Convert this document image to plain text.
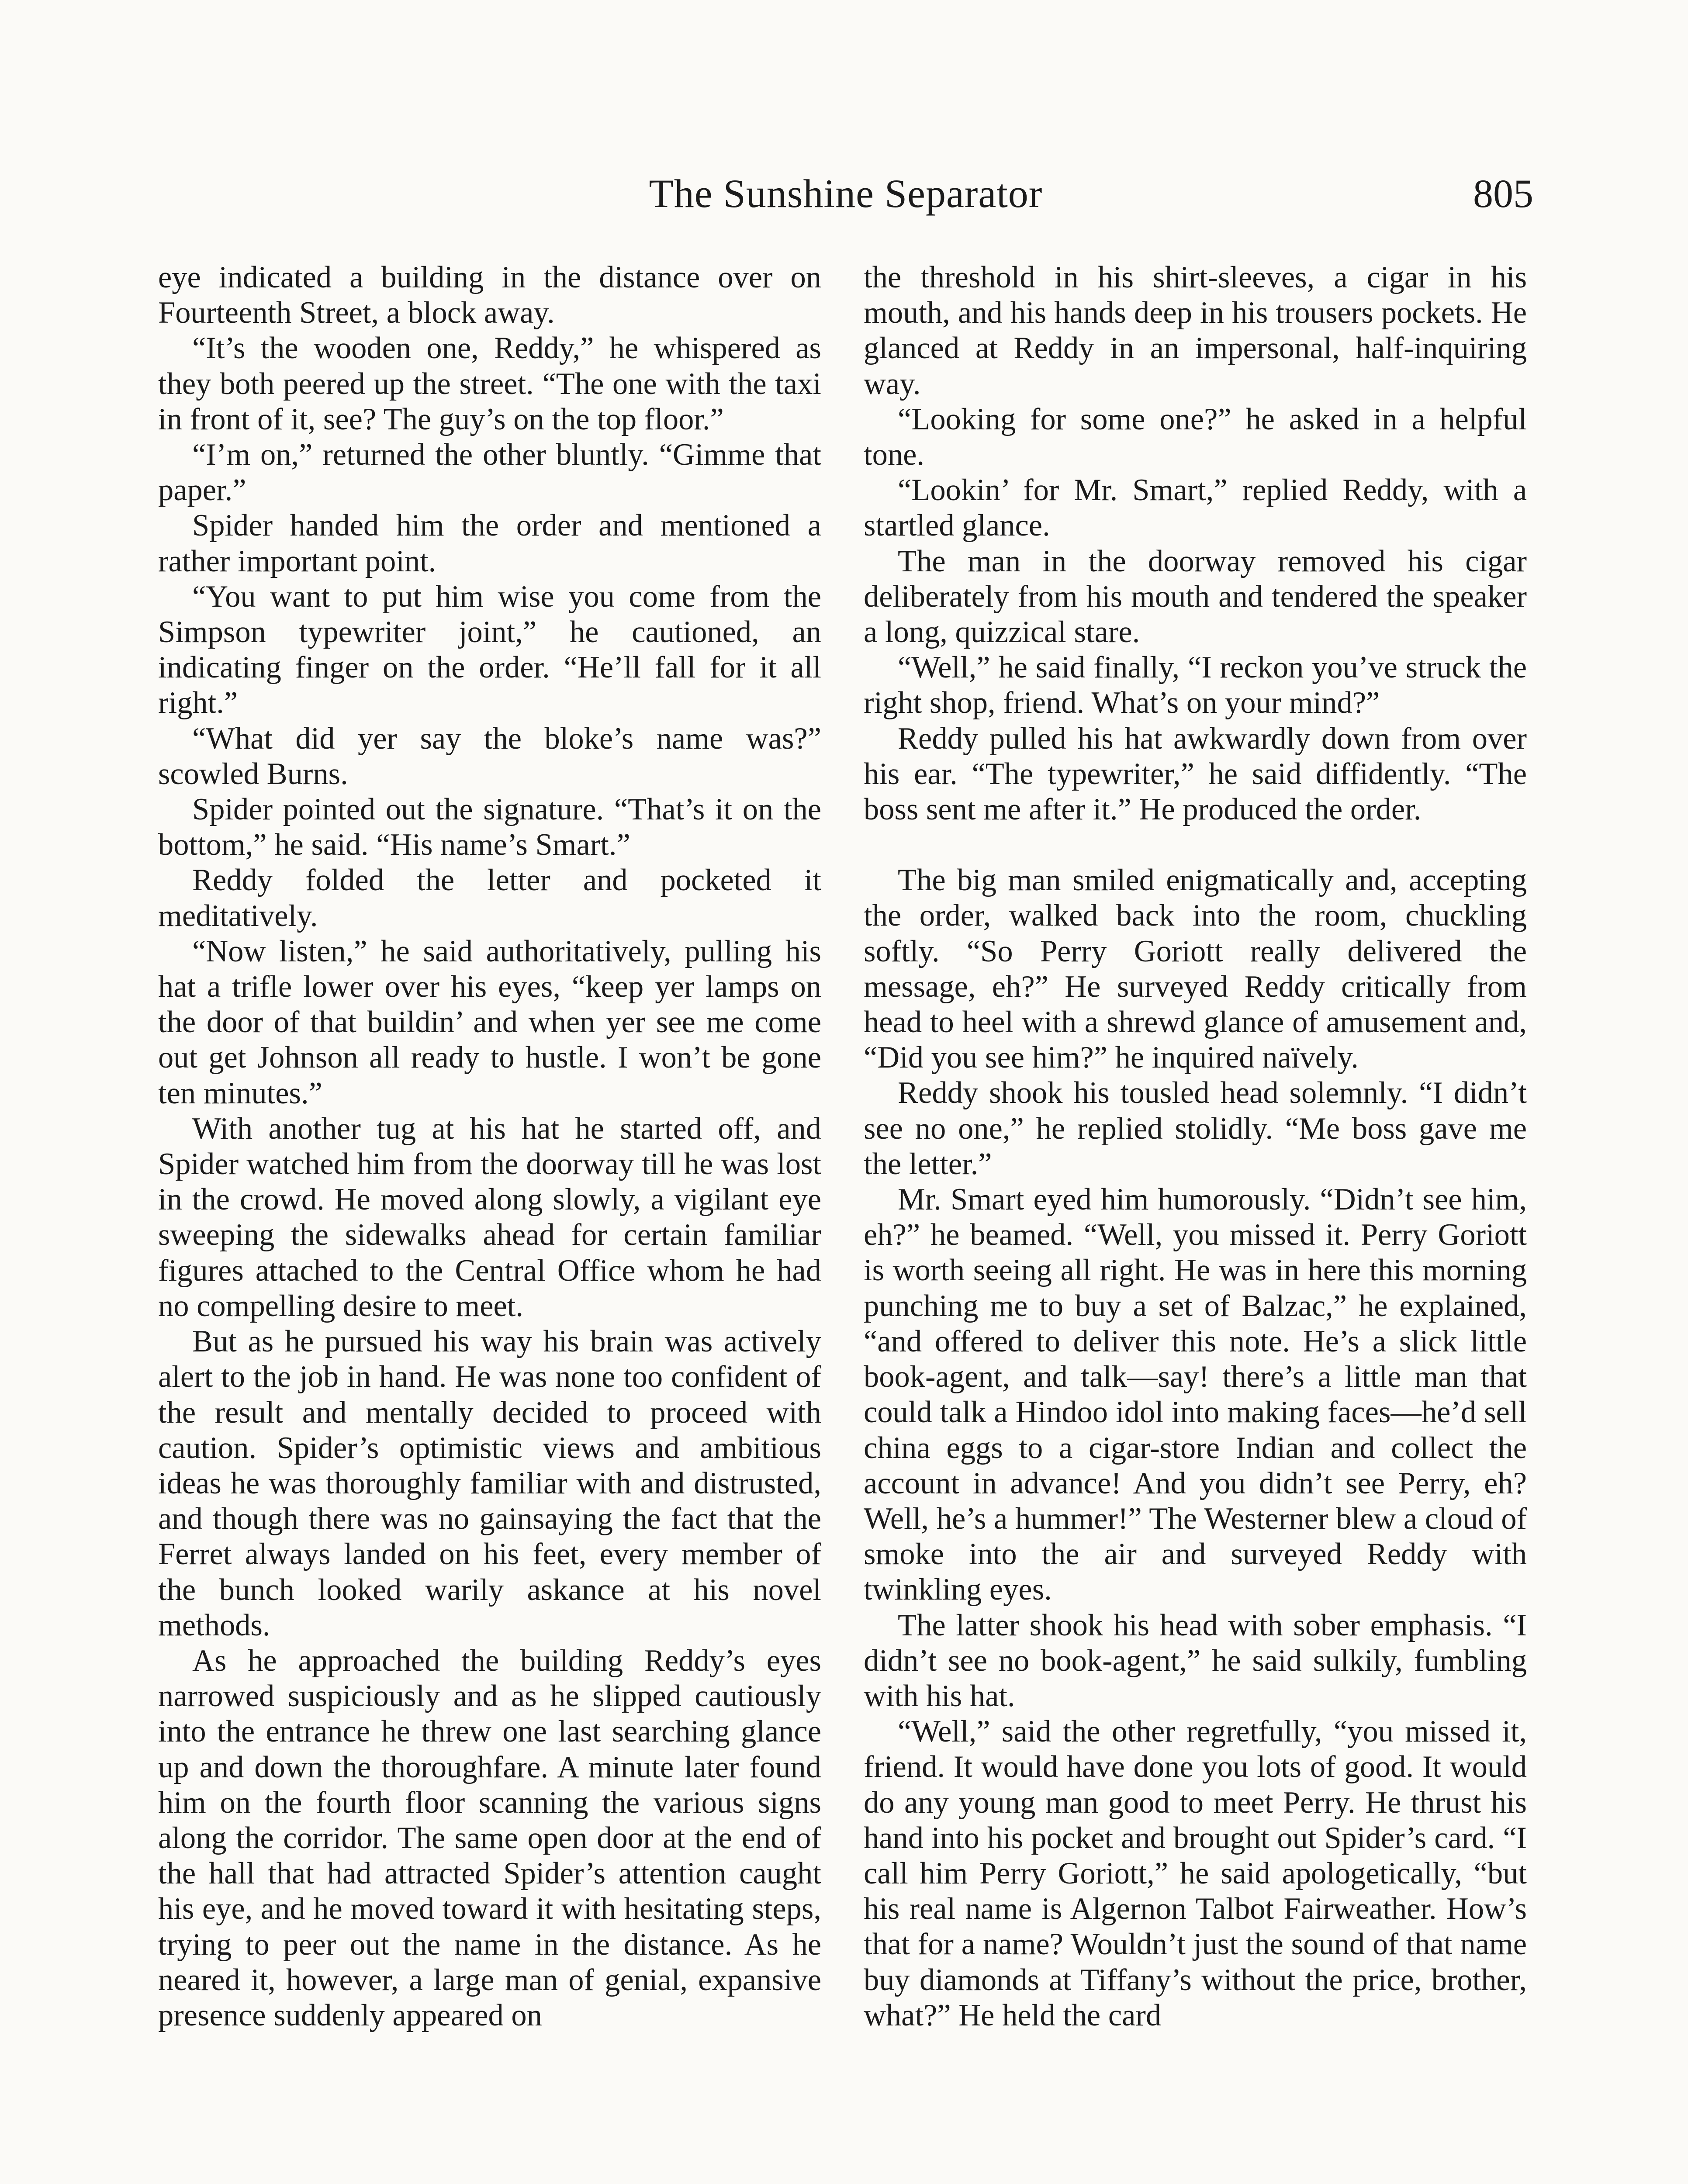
The Sunshine Separator	805

eye indicated a building in the distance over on Fourteenth Street, a block away.

“It’s the wooden one, Reddy,” he whispered as they both peered up the street. “The one with the taxi in front of it, see? The guy’s on the top floor.”

“I’m on,” returned the other bluntly. “Gimme that paper.”

Spider handed him the order and mentioned a rather important point.

“You want to put him wise you come from the Simpson typewriter joint,” he cautioned, an indicating finger on the order. “He’ll fall for it all right.”

“What did yer say the bloke’s name was?” scowled Burns.

Spider pointed out the signature. “That’s it on the bottom,” he said. “His name’s Smart.”

Reddy folded the letter and pocketed it meditatively.

“Now listen,” he said authoritatively, pulling his hat a trifle lower over his eyes, “keep yer lamps on the door of that buildin’ and when yer see me come out get Johnson all ready to hustle. I won’t be gone ten minutes.”

With another tug at his hat he started off, and Spider watched him from the doorway till he was lost in the crowd. He moved along slowly, a vigilant eye sweeping the sidewalks ahead for certain familiar figures attached to the Central Office whom he had no compelling desire to meet.

But as he pursued his way his brain was actively alert to the job in hand. He was none too confident of the result and mentally decided to proceed with caution. Spider’s optimistic views and ambitious ideas he was thoroughly familiar with and distrusted, and though there was no gainsaying the fact that the Ferret always landed on his feet, every member of the bunch looked warily askance at his novel methods.

As he approached the building Reddy’s eyes narrowed suspiciously and as he slipped cautiously into the entrance he threw one last searching glance up and down the thoroughfare. A minute later found him on the fourth floor scanning the various signs along the corridor. The same open door at the end of the hall that had attracted Spider’s attention caught his eye, and he moved toward it with hesitating steps, trying to peer out the name in the distance. As he neared it, however, a large man of genial, expansive presence suddenly appeared on

the threshold in his shirt-sleeves, a cigar in his mouth, and his hands deep in his trousers pockets. He glanced at Reddy in an impersonal, half-inquiring way.

“Looking for some one?” he asked in a helpful tone.

“Lookin’ for Mr. Smart,” replied Reddy, with a startled glance.

The man in the doorway removed his cigar deliberately from his mouth and tendered the speaker a long, quizzical stare.

“Well,” he said finally, “I reckon you’ve struck the right shop, friend. What’s on your mind?”

Reddy pulled his hat awkwardly down from over his ear. “The typewriter,” he said diffidently. “The boss sent me after it.” He produced the order.

The big man smiled enigmatically and, accepting the order, walked back into the room, chuckling softly. “So Perry Goriott really delivered the message, eh?” He surveyed Reddy critically from head to heel with a shrewd glance of amusement and, “Did you see him?” he inquired naïvely.

Reddy shook his tousled head solemnly. “I didn’t see no one,” he replied stolidly. “Me boss gave me the letter.”

Mr. Smart eyed him humorously. “Didn’t see him, eh?” he beamed. “Well, you missed it. Perry Goriott is worth seeing all right. He was in here this morning punching me to buy a set of Balzac,” he explained, “and offered to deliver this note. He’s a slick little book-agent, and talk—say! there’s a little man that could talk a Hindoo idol into making faces—he’d sell china eggs to a cigar-store Indian and collect the account in advance! And you didn’t see Perry, eh? Well, he’s a hummer!” The Westerner blew a cloud of smoke into the air and surveyed Reddy with twinkling eyes.

The latter shook his head with sober emphasis. “I didn’t see no book-agent,” he said sulkily, fumbling with his hat.

“Well,” said the other regretfully, “you missed it, friend. It would have done you lots of good. It would do any young man good to meet Perry. He thrust his hand into his pocket and brought out Spider’s card. “I call him Perry Goriott,” he said apologetically, “but his real name is Algernon Talbot Fairweather. How’s that for a name? Wouldn’t just the sound of that name buy diamonds at Tiffany’s without the price, brother, what?” He held the card
